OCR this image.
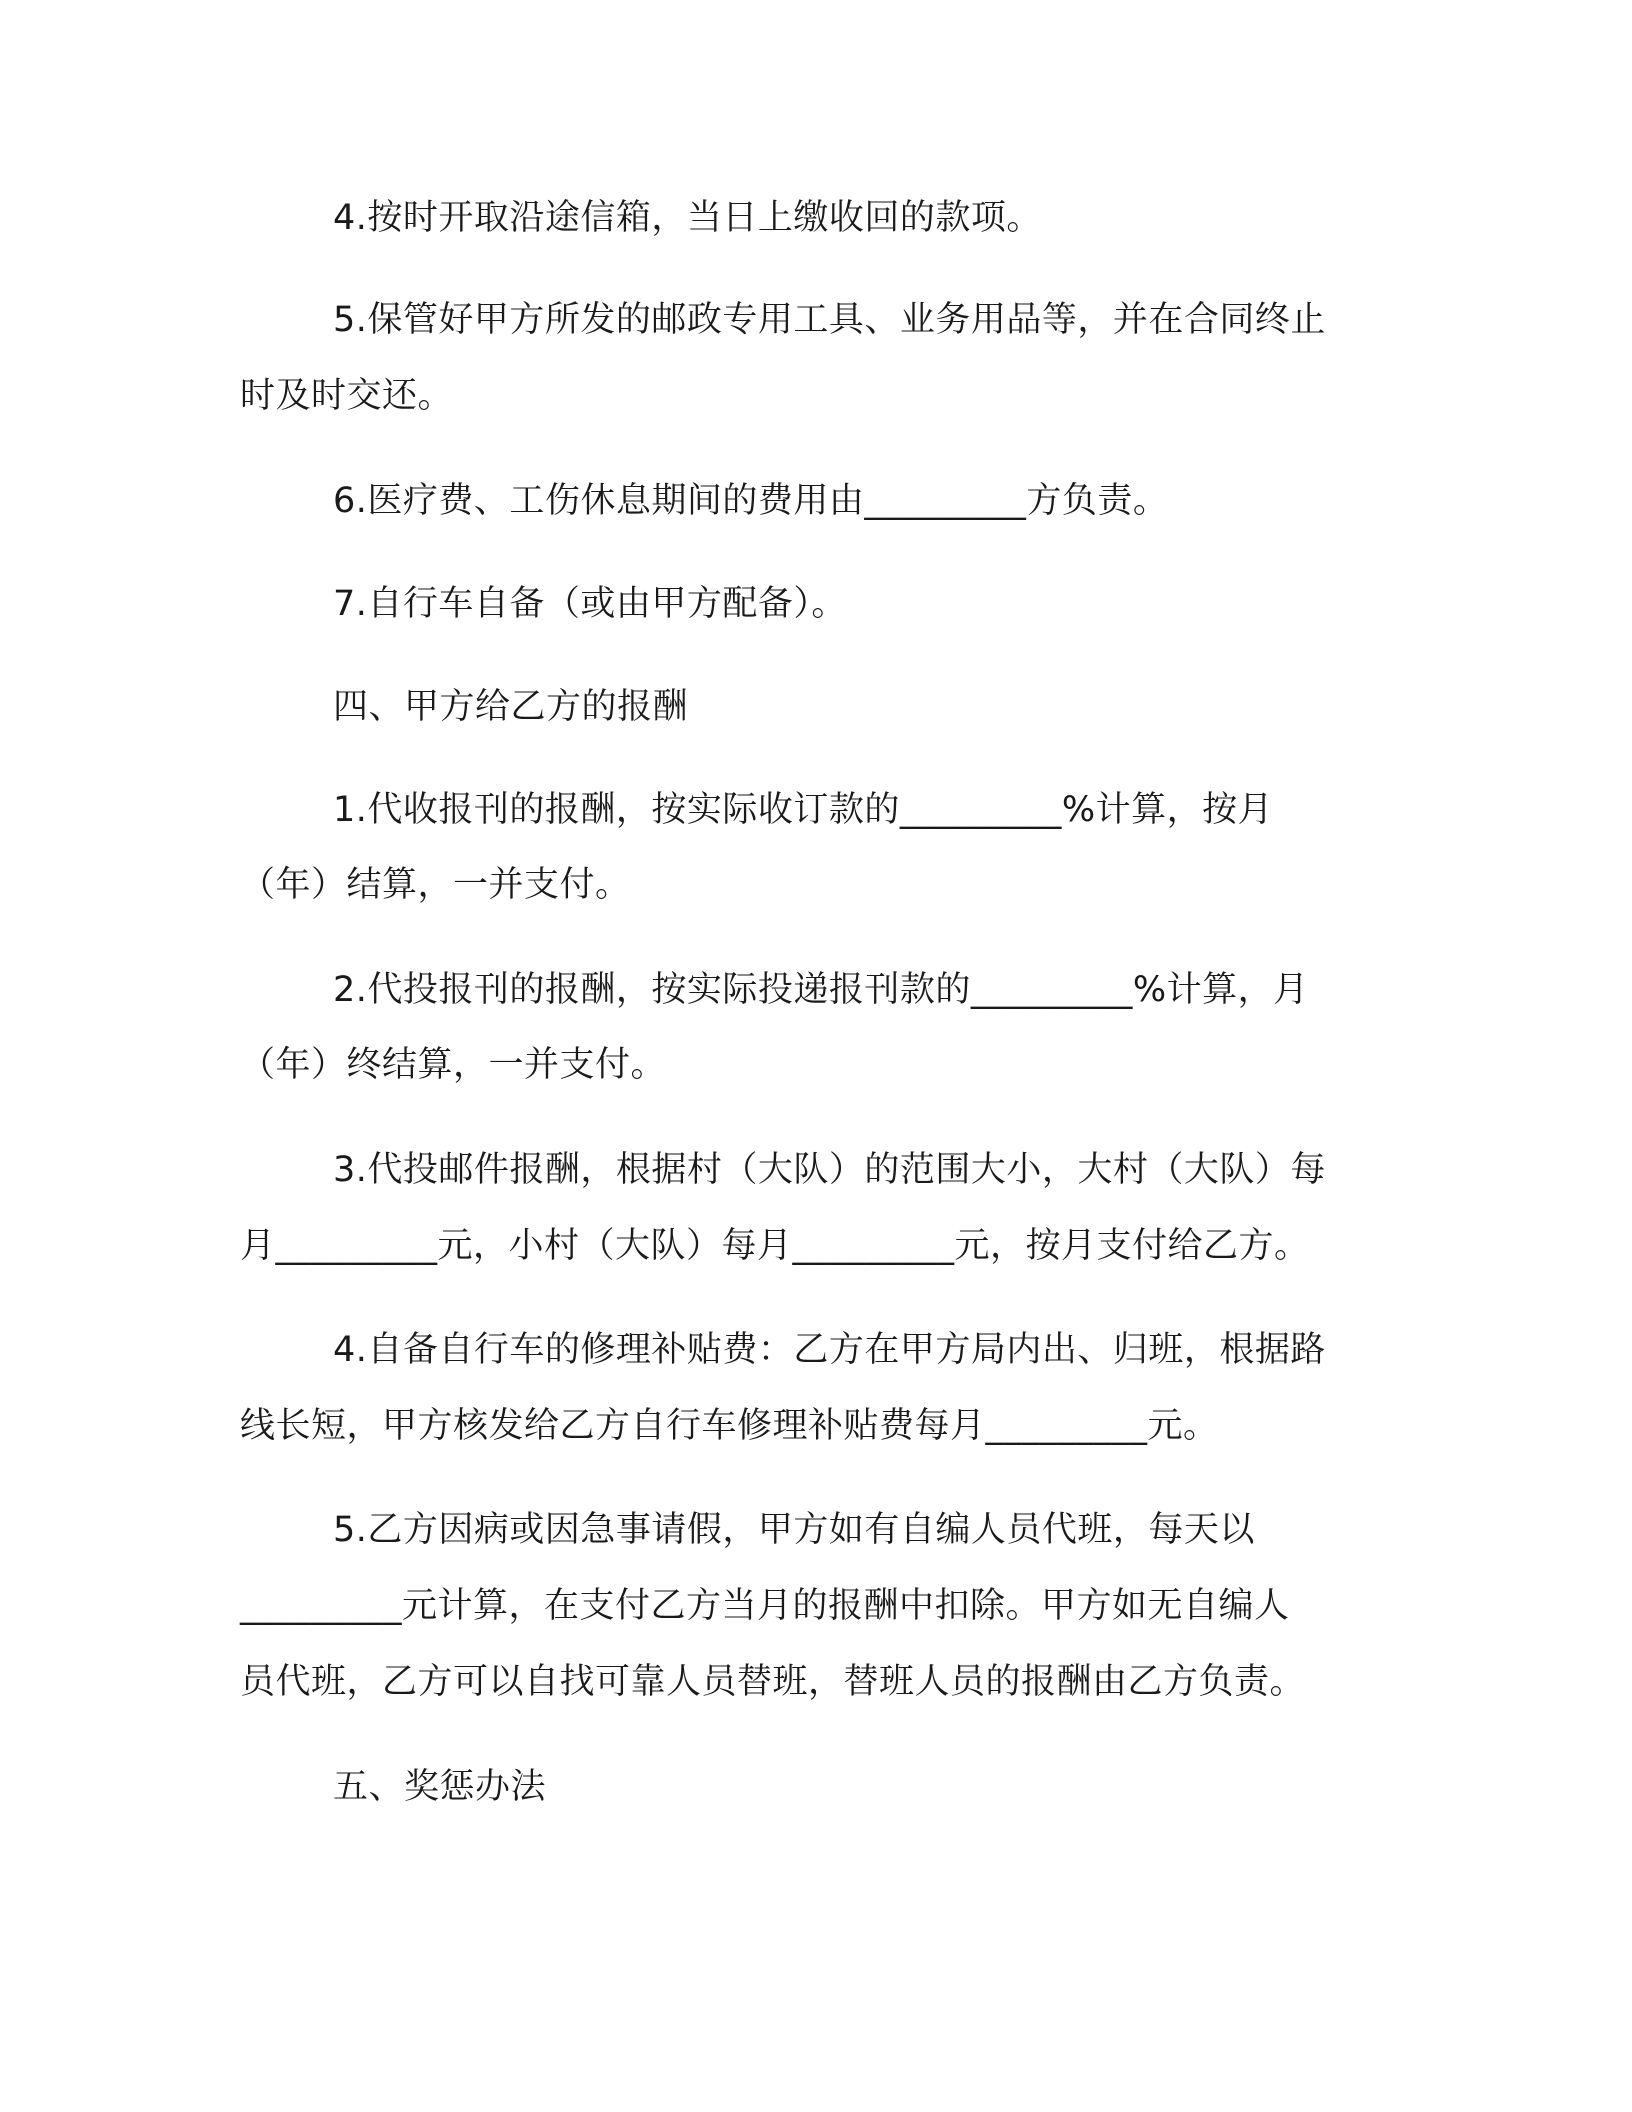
4.按时开取沿途信箱，当日上缴收回的款项。
5.保管好甲方所发的邮政专用工具、业务用品等，并在合同终止
时及时交还。
6.医疗费、工伤休息期间的费用由_________方负责。
7.自行车自备（或由甲方配备）。
四、甲方给乙方的报酬
1.代收报刊的报酬，按实际收订款的_________%计算，按月
（年）结算，一并支付。
2.代投报刊的报酬，按实际投递报刊款的_________%计算，月
（年）终结算，一并支付。
3.代投邮件报酬，根据村（大队）的范围大小，大村（大队）每
月_________元，小村（大队）每月_________元，按月支付给乙方。
4.自备自行车的修理补贴费：乙方在甲方局内出、归班，根据路
线长短，甲方核发给乙方自行车修理补贴费每月_________元。
5.乙方因病或因急事请假，甲方如有自编人员代班，每天以
_________元计算，在支付乙方当月的报酬中扣除。甲方如无自编人
员代班，乙方可以自找可靠人员替班，替班人员的报酬由乙方负责。
五、奖惩办法
